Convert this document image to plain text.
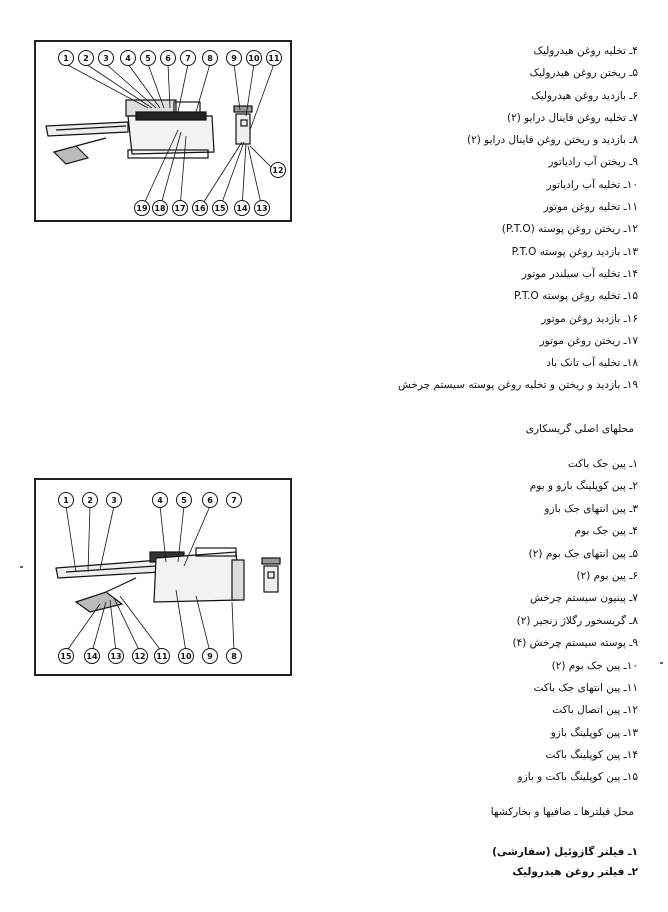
1 2 3 4 5 6 7 8 9 10 11
19 18 17 16 15 14 13
12
1 2 3	4 5	6 7
15 14 13 12 11 10 9 8
۴ـ تخلیه روغن هیدرولیک
۵ـ ریختن روغن هیدرولیک
۶ـ بازدید روغن هیدرولیک
۷ـ تخلیه روغن فاینال درایو (۲)
۸ـ بازدید و ریختن روغن فاینال درایو (۲)
۹ـ ریختن آب رادیاتور
۱۰ـ تخلیه آب رادیاتور
۱۱ـ تخلیه روغن موتور
۱۲ـ ریختن روغن پوسته (P.T.O)
۱۳ـ بازدید روغن پوسته P.T.O
۱۴ـ تخلیه آب سیلندر موتور
۱۵ـ تخلیه روغن پوسته P.T.O
۱۶ـ بازدید روغن موتور
۱۷ـ ریختن روغن موتور
۱۸ـ تخلیه آب تانک باد
۱۹ـ بازدید و ریختن و تخلیه روغن پوسته سیستم چرخش
محلهای اصلی گریسکاری
۱ـ پین جک باکت
۲ـ پین کوپلینگ بازو و بوم
۳ـ پین انتهای جک بازو
۴ـ پین جک بوم
۵ـ پین انتهای جک بوم (۲)
۶ـ پین بوم (۲)
۷ـ پینیون سیستم چرخش
۸ـ گریسخور رگلاژ زنجیر (۲)
۹ـ پوسته سیستم چرخش (۴)
۱۰ـ پین جک بوم (۲)
۱۱ـ پین انتهای جک باکت
۱۲ـ پین اتصال باکت
۱۳ـ پین کوپلینگ بازو
۱۴ـ پین کوپلینگ باکت
۱۵ـ پین کوپلینگ باکت و بازو
محل فیلترها ـ صافیها و بخارکشها
۱ـ فیلتر گازوئیل (سفارشی)
۲ـ فیلتر روغن هیدرولیک
